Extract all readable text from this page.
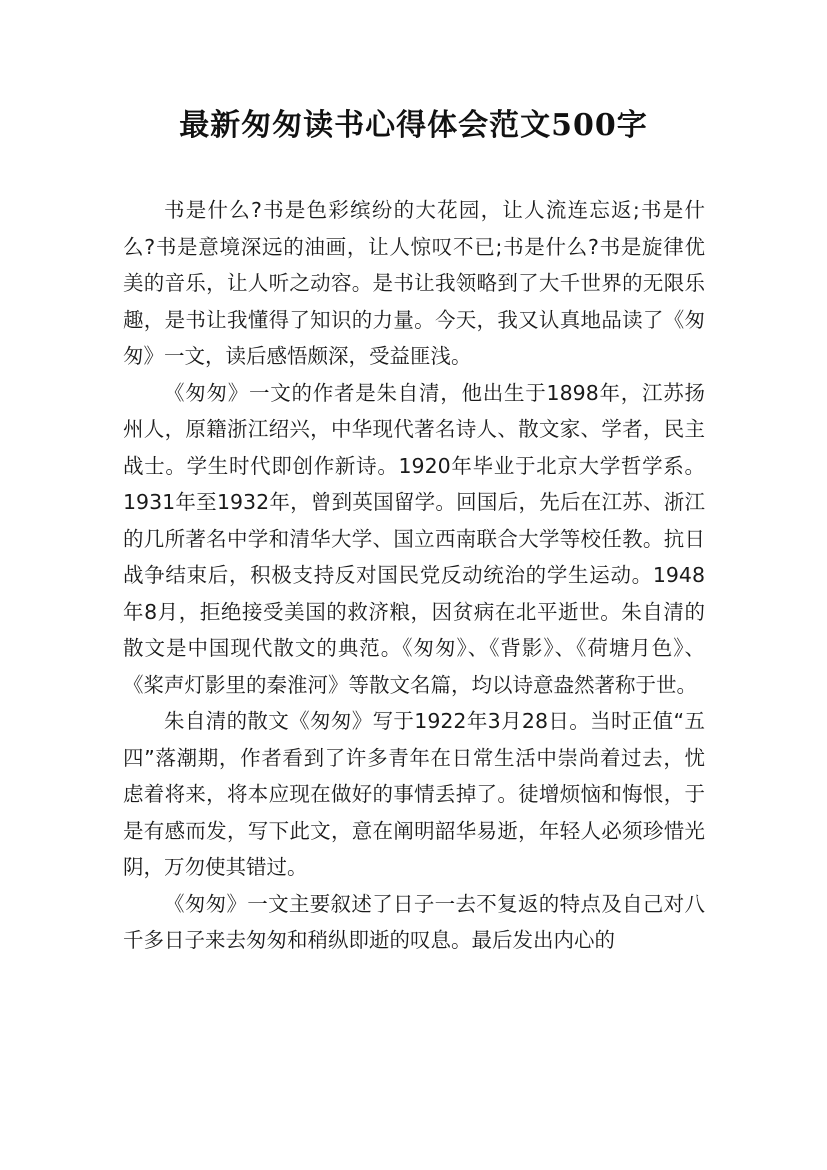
最新匆匆读书心得体会范文500字

书是什么?书是色彩缤纷的大花园，让人流连忘返;书是什么?书是意境深远的油画，让人惊叹不已;书是什么?书是旋律优美的音乐，让人听之动容。是书让我领略到了大千世界的无限乐趣，是书让我懂得了知识的力量。今天，我又认真地品读了《匆匆》一文，读后感悟颇深，受益匪浅。

《匆匆》一文的作者是朱自清，他出生于1898年，江苏扬州人，原籍浙江绍兴，中华现代著名诗人、散文家、学者，民主战士。学生时代即创作新诗。1920年毕业于北京大学哲学系。1931年至1932年，曾到英国留学。回国后，先后在江苏、浙江的几所著名中学和清华大学、国立西南联合大学等校任教。抗日战争结束后，积极支持反对国民党反动统治的学生运动。1948年8月，拒绝接受美国的救济粮，因贫病在北平逝世。朱自清的散文是中国现代散文的典范。《匆匆》、《背影》、《荷塘月色》、《桨声灯影里的秦淮河》等散文名篇，均以诗意盎然著称于世。

朱自清的散文《匆匆》写于1922年3月28日。当时正值“五四”落潮期，作者看到了许多青年在日常生活中崇尚着过去，忧虑着将来，将本应现在做好的事情丢掉了。徒增烦恼和悔恨，于是有感而发，写下此文，意在阐明韶华易逝，年轻人必须珍惜光阴，万勿使其错过。

《匆匆》一文主要叙述了日子一去不复返的特点及自己对八千多日子来去匆匆和稍纵即逝的叹息。最后发出内心的
